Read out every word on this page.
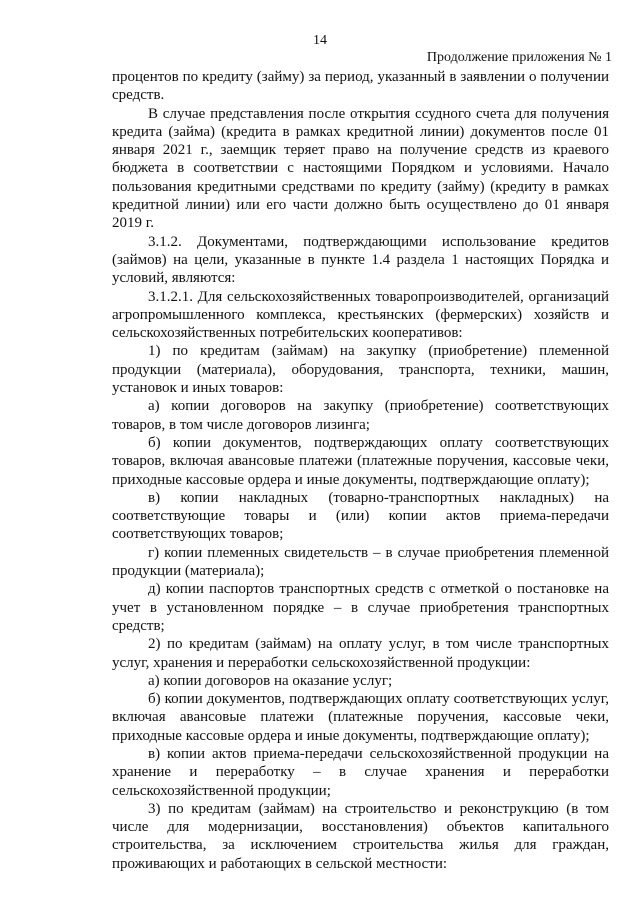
14
Продолжение приложения № 1

процентов по кредиту (займу) за период, указанный в заявлении о получении средств.

В случае представления после открытия ссудного счета для получения кредита (займа) (кредита в рамках кредитной линии) документов после 01 января 2021 г., заемщик теряет право на получение средств из краевого бюджета в соответствии с настоящими Порядком и условиями. Начало пользования кредитными средствами по кредиту (займу) (кредиту в рамках кредитной линии) или его части должно быть осуществлено до 01 января 2019 г.

3.1.2. Документами, подтверждающими использование кредитов (займов) на цели, указанные в пункте 1.4 раздела 1 настоящих Порядка и условий, являются:

3.1.2.1. Для сельскохозяйственных товаропроизводителей, организаций агропромышленного комплекса, крестьянских (фермерских) хозяйств и сельскохозяйственных потребительских кооперативов:

1) по кредитам (займам) на закупку (приобретение) племенной продукции (материала), оборудования, транспорта, техники, машин, установок и иных товаров:

а) копии договоров на закупку (приобретение) соответствующих товаров, в том числе договоров лизинга;

б) копии документов, подтверждающих оплату соответствующих товаров, включая авансовые платежи (платежные поручения, кассовые чеки, приходные кассовые ордера и иные документы, подтверждающие оплату);

в) копии накладных (товарно-транспортных накладных) на соответствующие товары и (или) копии актов приема-передачи соответствующих товаров;

г) копии племенных свидетельств – в случае приобретения племенной продукции (материала);

д) копии паспортов транспортных средств с отметкой о постановке на учет в установленном порядке – в случае приобретения транспортных средств;

2) по кредитам (займам) на оплату услуг, в том числе транспортных услуг, хранения и переработки сельскохозяйственной продукции:

а) копии договоров на оказание услуг;

б) копии документов, подтверждающих оплату соответствующих услуг, включая авансовые платежи (платежные поручения, кассовые чеки, приходные кассовые ордера и иные документы, подтверждающие оплату);

в) копии актов приема-передачи сельскохозяйственной продукции на хранение и переработку – в случае хранения и переработки сельскохозяйственной продукции;

3) по кредитам (займам) на строительство и реконструкцию (в том числе для модернизации, восстановления) объектов капитального строительства, за исключением строительства жилья для граждан, проживающих и работающих в сельской местности:
